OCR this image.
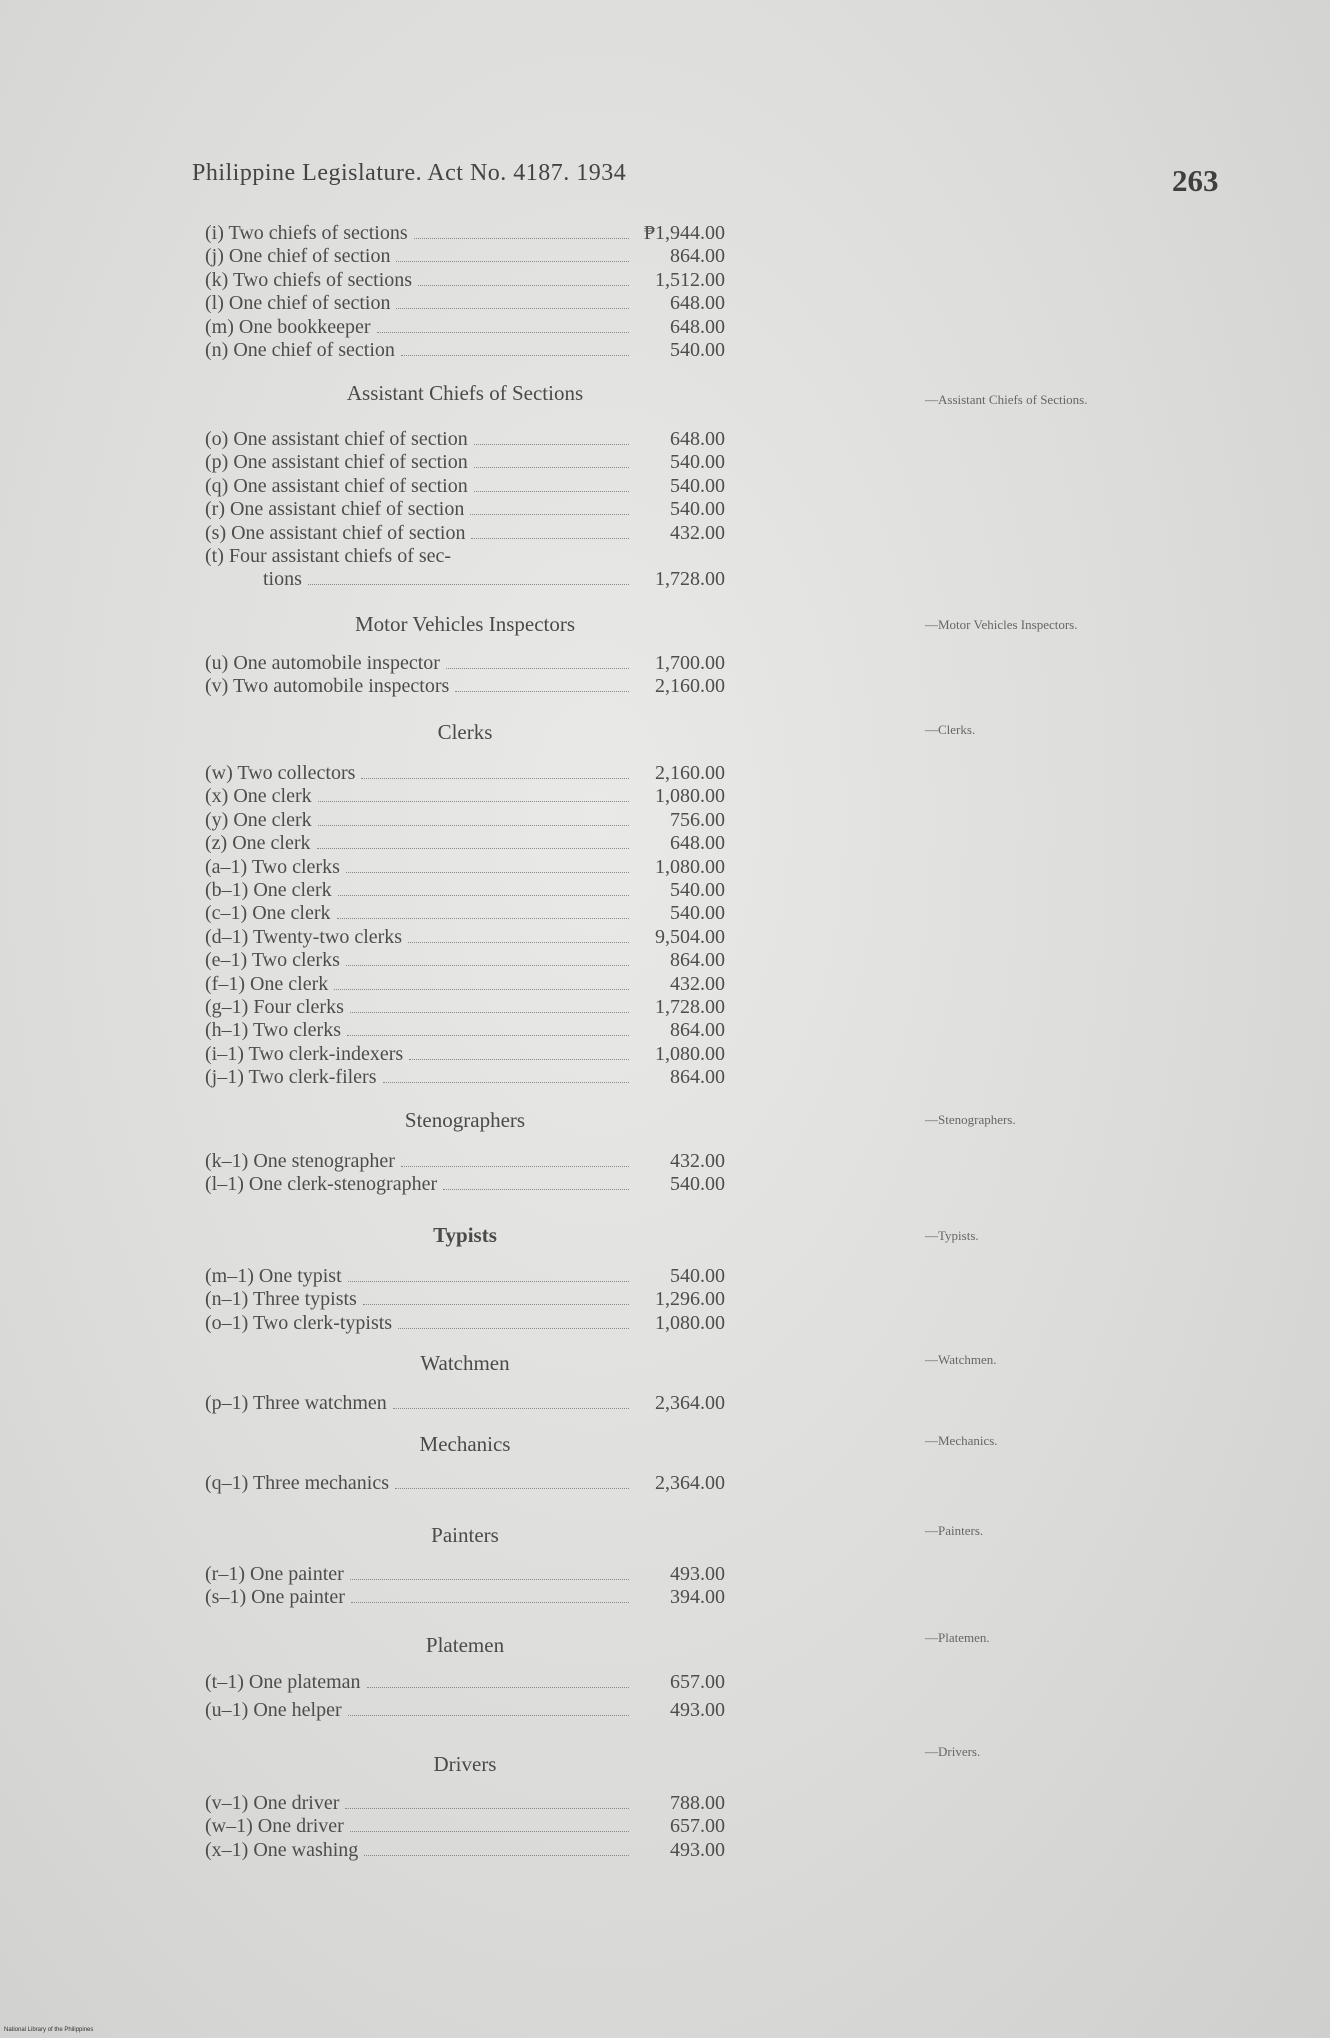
Philippine Legislature. Act No. 4187. 1934	263
(i) Two chiefs of sections	₱1,944.00
(j) One chief of section	864.00
(k) Two chiefs of sections	1,512.00
(l) One chief of section	648.00
(m) One bookkeeper	648.00
(n) One chief of section	540.00
Assistant Chiefs of Sections	—Assistant Chiefs of Sections.
(o) One assistant chief of section	648.00
(p) One assistant chief of section	540.00
(q) One assistant chief of section	540.00
(r) One assistant chief of section	540.00
(s) One assistant chief of section	432.00
(t) Four assistant chiefs of sec-
tions	1,728.00
Motor Vehicles Inspectors	—Motor Vehicles Inspectors.
(u) One automobile inspector	1,700.00
(v) Two automobile inspectors	2,160.00
Clerks	—Clerks.
(w) Two collectors	2,160.00
(x) One clerk	1,080.00
(y) One clerk	756.00
(z) One clerk	648.00
(a–1) Two clerks	1,080.00
(b–1) One clerk	540.00
(c–1) One clerk	540.00
(d–1) Twenty-two clerks	9,504.00
(e–1) Two clerks	864.00
(f–1) One clerk	432.00
(g–1) Four clerks	1,728.00
(h–1) Two clerks	864.00
(i–1) Two clerk-indexers	1,080.00
(j–1) Two clerk-filers	864.00
Stenographers	—Stenographers.
(k–1) One stenographer	432.00
(l–1) One clerk-stenographer	540.00
Typists	—Typists.
(m–1) One typist	540.00
(n–1) Three typists	1,296.00
(o–1) Two clerk-typists	1,080.00
Watchmen	—Watchmen.
(p–1) Three watchmen	2,364.00
Mechanics	—Mechanics.
(q–1) Three mechanics	2,364.00
Painters	—Painters.
(r–1) One painter	493.00
(s–1) One painter	394.00
Platemen	—Platemen.
(t–1) One plateman	657.00
(u–1) One helper	493.00
Drivers
—Drivers.
(v–1) One driver	788.00
(w–1) One driver	657.00
(x–1) One washing	493.00
National Library of the Philippines
